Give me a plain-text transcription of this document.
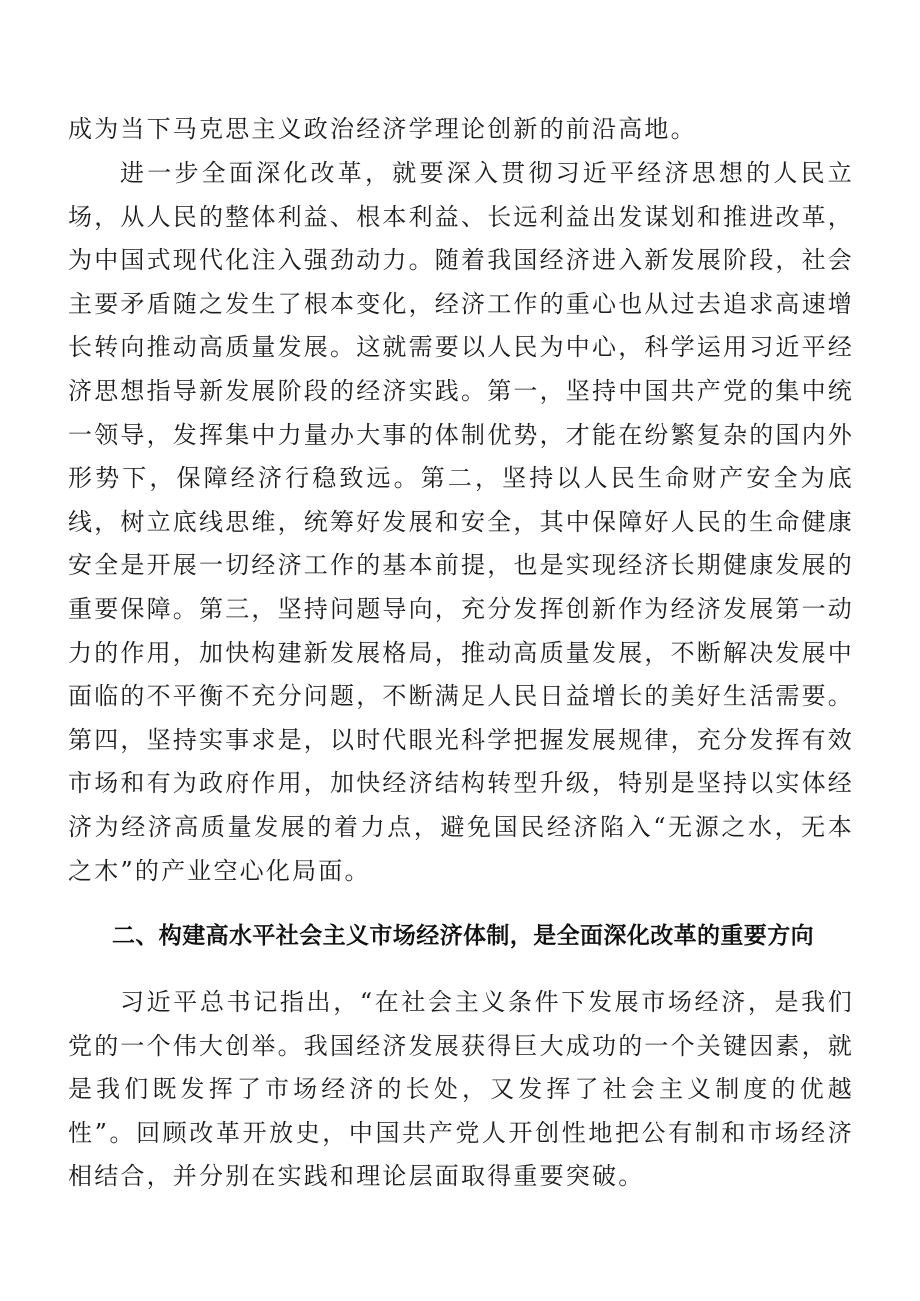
成为当下马克思主义政治经济学理论创新的前沿高地。

进一步全面深化改革，就要深入贯彻习近平经济思想的人民立场，从人民的整体利益、根本利益、长远利益出发谋划和推进改革，为中国式现代化注入强劲动力。随着我国经济进入新发展阶段，社会主要矛盾随之发生了根本变化，经济工作的重心也从过去追求高速增长转向推动高质量发展。这就需要以人民为中心，科学运用习近平经济思想指导新发展阶段的经济实践。第一，坚持中国共产党的集中统一领导，发挥集中力量办大事的体制优势，才能在纷繁复杂的国内外形势下，保障经济行稳致远。第二，坚持以人民生命财产安全为底线，树立底线思维，统筹好发展和安全，其中保障好人民的生命健康安全是开展一切经济工作的基本前提，也是实现经济长期健康发展的重要保障。第三，坚持问题导向，充分发挥创新作为经济发展第一动力的作用，加快构建新发展格局，推动高质量发展，不断解决发展中面临的不平衡不充分问题，不断满足人民日益增长的美好生活需要。第四，坚持实事求是，以时代眼光科学把握发展规律，充分发挥有效市场和有为政府作用，加快经济结构转型升级，特别是坚持以实体经济为经济高质量发展的着力点，避免国民经济陷入“无源之水，无本之木”的产业空心化局面。

二、构建高水平社会主义市场经济体制，是全面深化改革的重要方向

习近平总书记指出，“在社会主义条件下发展市场经济，是我们党的一个伟大创举。我国经济发展获得巨大成功的一个关键因素，就是我们既发挥了市场经济的长处，又发挥了社会主义制度的优越性”。回顾改革开放史，中国共产党人开创性地把公有制和市场经济相结合，并分别在实践和理论层面取得重要突破。
